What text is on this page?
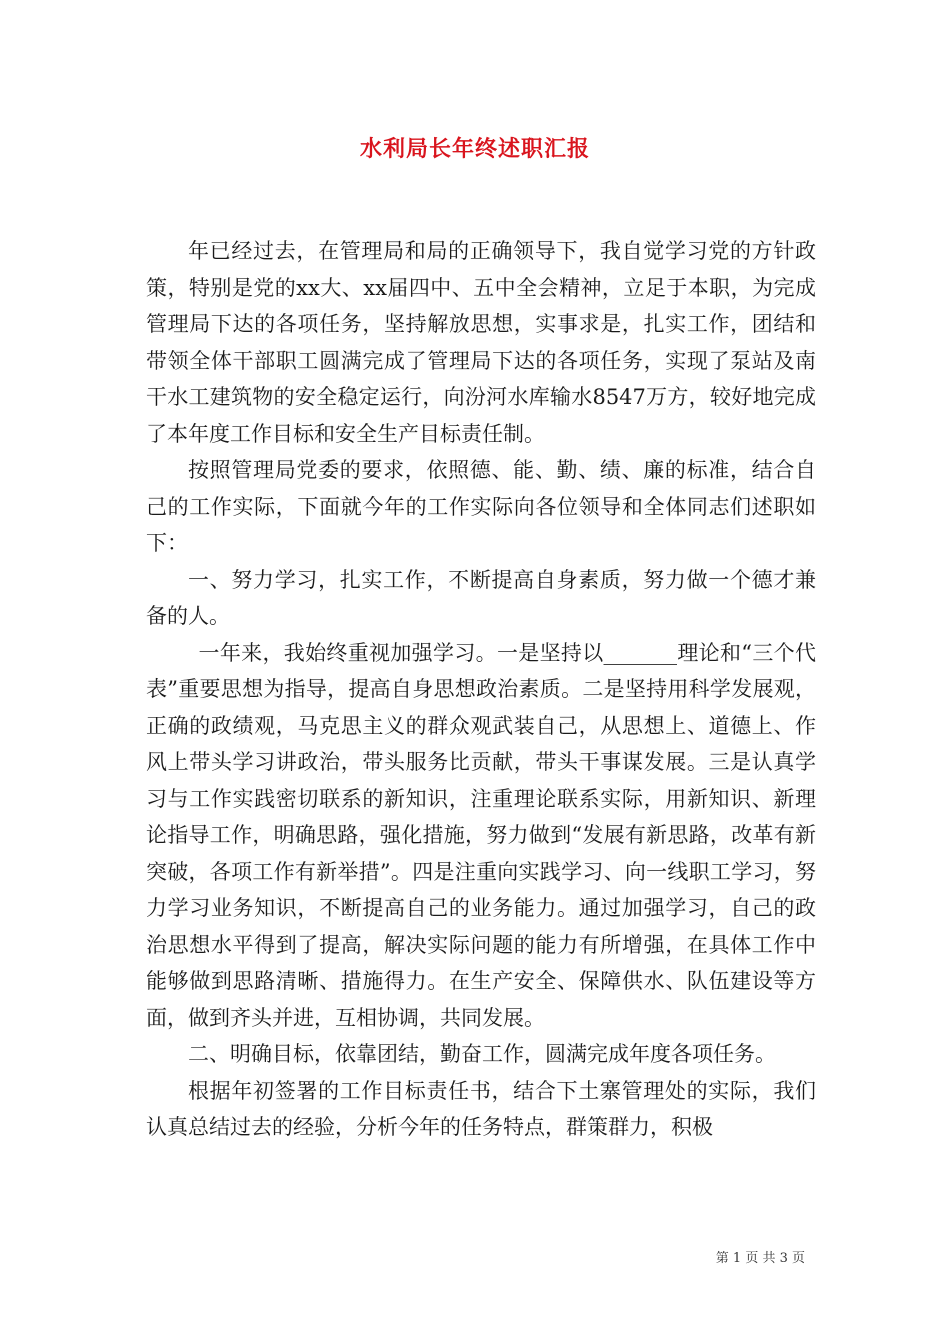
水利局长年终述职汇报

年已经过去，在管理局和局的正确领导下，我自觉学习党的方针政策，特别是党的xx大、xx届四中、五中全会精神，立足于本职，为完成管理局下达的各项任务，坚持解放思想，实事求是，扎实工作，团结和带领全体干部职工圆满完成了管理局下达的各项任务，实现了泵站及南干水工建筑物的安全稳定运行，向汾河水库输水8547万方，较好地完成了本年度工作目标和安全生产目标责任制。

按照管理局党委的要求，依照德、能、勤、绩、廉的标准，结合自己的工作实际，下面就今年的工作实际向各位领导和全体同志们述职如下：

一、努力学习，扎实工作，不断提高自身素质，努力做一个德才兼备的人。

一年来，我始终重视加强学习。一是坚持以_______理论和“三个代表”重要思想为指导，提高自身思想政治素质。二是坚持用科学发展观，正确的政绩观，马克思主义的群众观武装自己，从思想上、道德上、作风上带头学习讲政治，带头服务比贡献，带头干事谋发展。三是认真学习与工作实践密切联系的新知识，注重理论联系实际，用新知识、新理论指导工作，明确思路，强化措施，努力做到“发展有新思路，改革有新突破，各项工作有新举措”。四是注重向实践学习、向一线职工学习，努力学习业务知识，不断提高自己的业务能力。通过加强学习，自己的政治思想水平得到了提高，解决实际问题的能力有所增强，在具体工作中能够做到思路清晰、措施得力。在生产安全、保障供水、队伍建设等方面，做到齐头并进，互相协调，共同发展。

二、明确目标，依靠团结，勤奋工作，圆满完成年度各项任务。

根据年初签署的工作目标责任书，结合下土寨管理处的实际，我们认真总结过去的经验，分析今年的任务特点，群策群力，积极

第 1 页 共 3 页
